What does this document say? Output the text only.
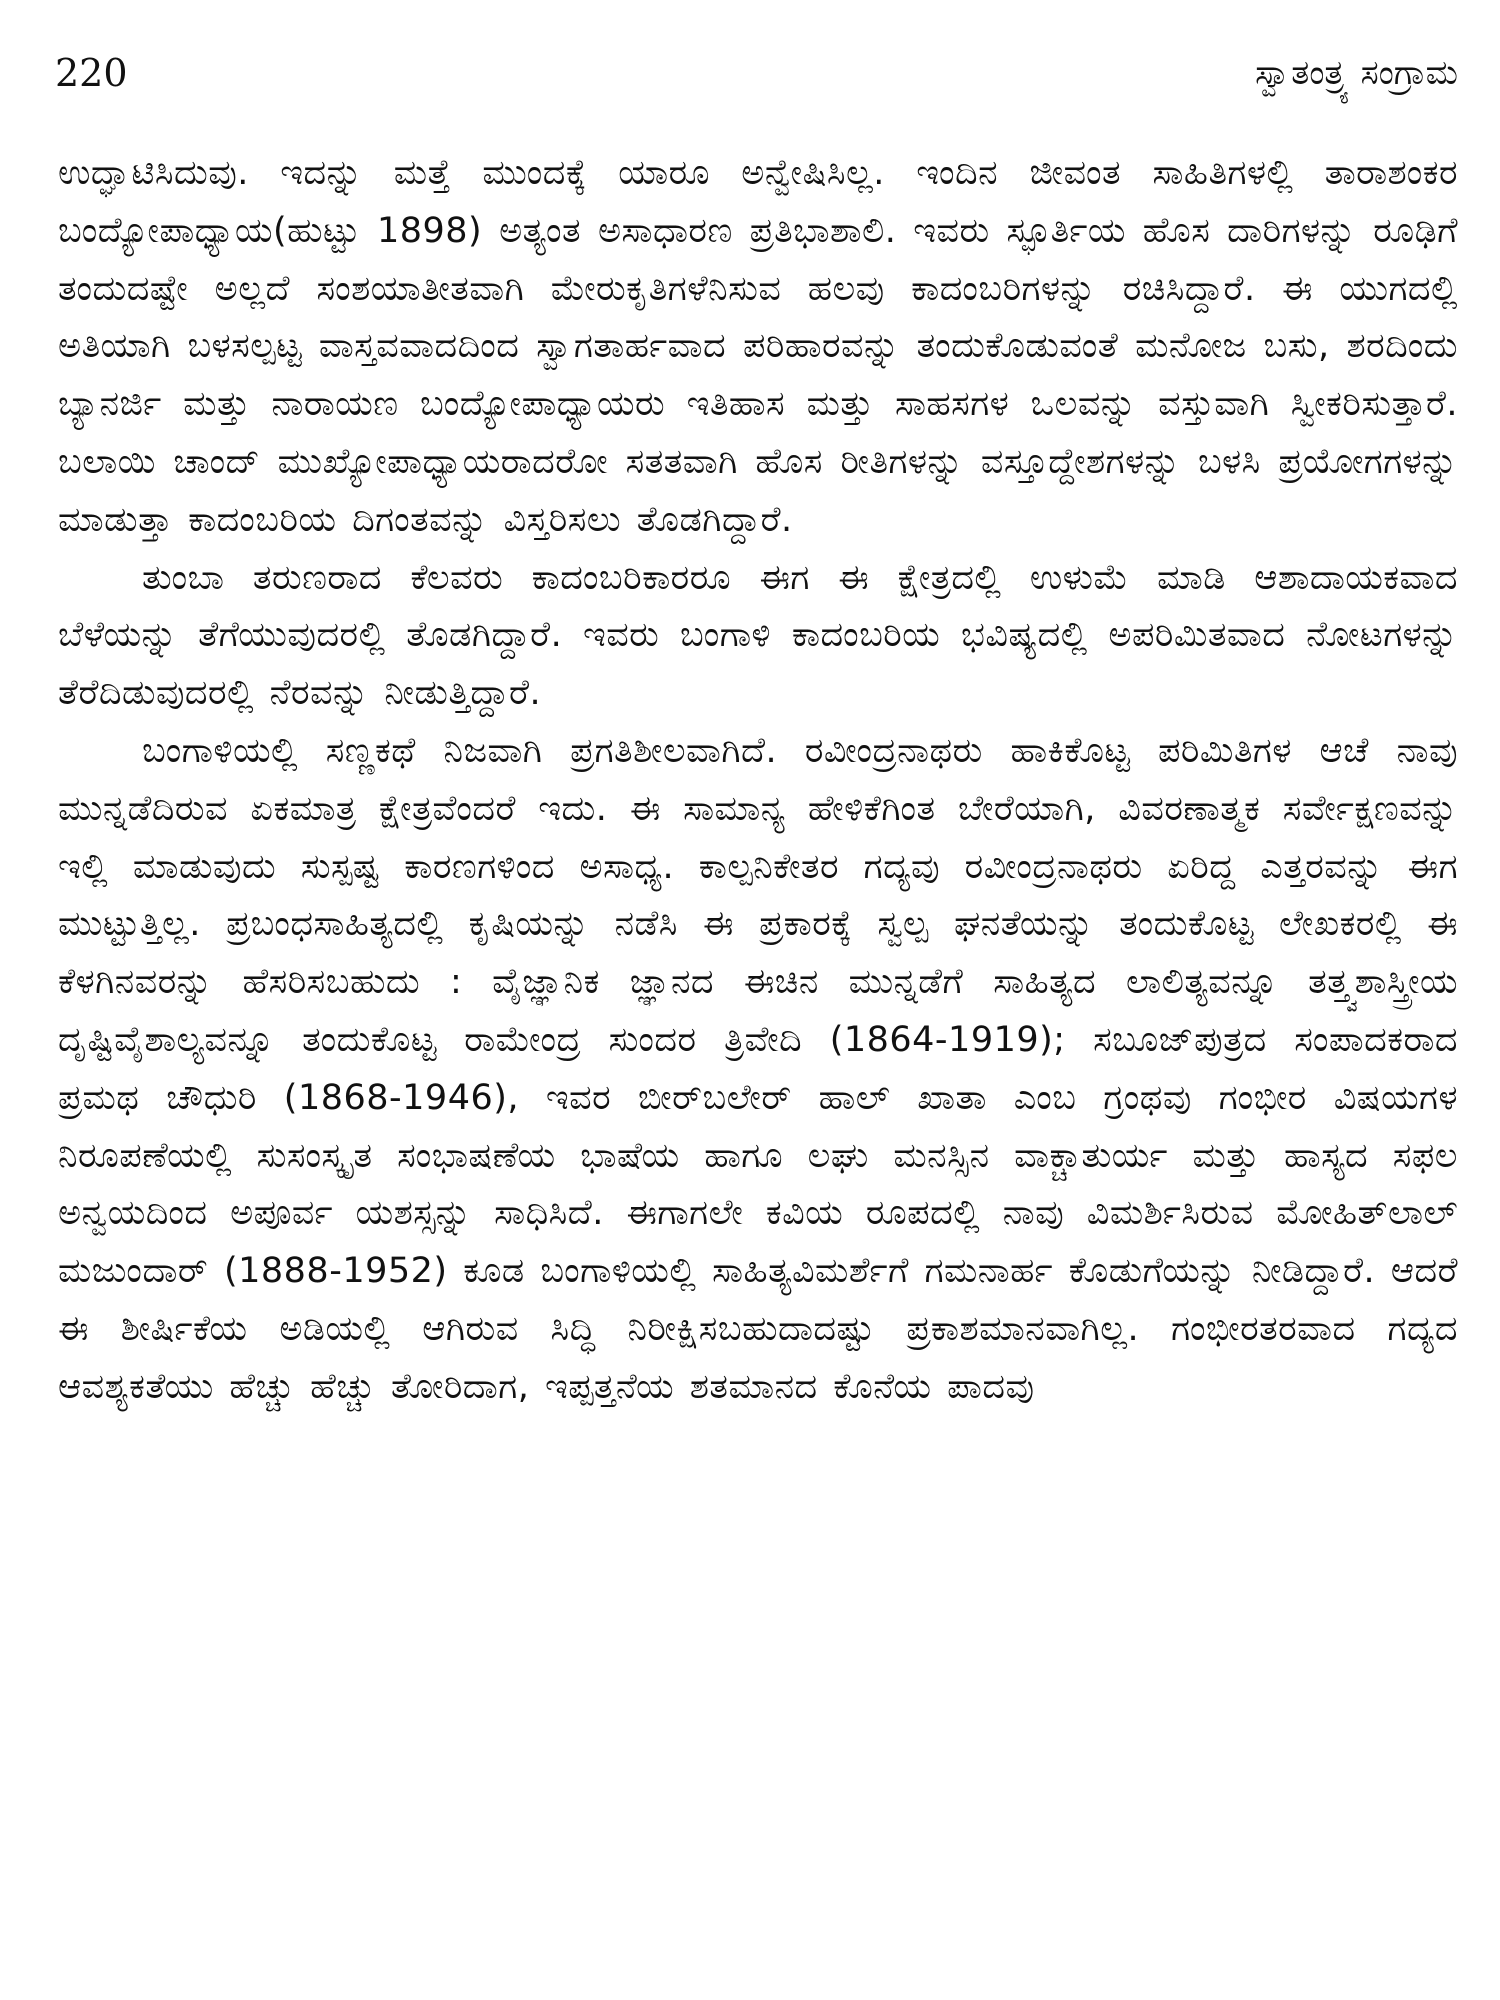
220	ಸ್ವಾತಂತ್ರ್ಯ ಸಂಗ್ರಾಮ

ಉದ್ಘಾಟಿಸಿದುವು. ಇದನ್ನು ಮತ್ತೆ ಮುಂದಕ್ಕೆ ಯಾರೂ ಅನ್ವೇಷಿಸಿಲ್ಲ. ಇಂದಿನ ಜೀವಂತ ಸಾಹಿತಿಗಳಲ್ಲಿ ತಾರಾಶಂಕರ ಬಂದ್ಯೋಪಾಧ್ಯಾಯ(ಹುಟ್ಟು 1898) ಅತ್ಯಂತ ಅಸಾಧಾರಣ ಪ್ರತಿಭಾಶಾಲಿ. ಇವರು ಸ್ಫೂರ್ತಿಯ ಹೊಸ ದಾರಿಗಳನ್ನು ರೂಢಿಗೆ ತಂದುದಷ್ಟೇ ಅಲ್ಲದೆ ಸಂಶಯಾತೀತವಾಗಿ ಮೇರುಕೃತಿಗಳೆನಿಸುವ ಹಲವು ಕಾದಂಬರಿಗಳನ್ನು ರಚಿಸಿದ್ದಾರೆ. ಈ ಯುಗದಲ್ಲಿ ಅತಿಯಾಗಿ ಬಳಸಲ್ಪಟ್ಟ ವಾಸ್ತವವಾದದಿಂದ ಸ್ವಾಗತಾರ್ಹವಾದ ಪರಿಹಾರವನ್ನು ತಂದುಕೊಡುವಂತೆ ಮನೋಜ ಬಸು, ಶರದಿಂದು ಬ್ಯಾನರ್ಜಿ ಮತ್ತು ನಾರಾಯಣ ಬಂದ್ಯೋಪಾಧ್ಯಾಯರು ಇತಿಹಾಸ ಮತ್ತು ಸಾಹಸಗಳ ಒಲವನ್ನು ವಸ್ತುವಾಗಿ ಸ್ವೀಕರಿಸುತ್ತಾರೆ. ಬಲಾಯಿ ಚಾಂದ್ ಮುಖ್ಯೋಪಾಧ್ಯಾಯರಾದರೋ ಸತತವಾಗಿ ಹೊಸ ರೀತಿಗಳನ್ನು ವಸ್ತೂದ್ದೇಶಗಳನ್ನು ಬಳಸಿ ಪ್ರಯೋಗಗಳನ್ನು ಮಾಡುತ್ತಾ ಕಾದಂಬರಿಯ ದಿಗಂತವನ್ನು ವಿಸ್ತರಿಸಲು ತೊಡಗಿದ್ದಾರೆ.

ತುಂಬಾ ತರುಣರಾದ ಕೆಲವರು ಕಾದಂಬರಿಕಾರರೂ ಈಗ ಈ ಕ್ಷೇತ್ರದಲ್ಲಿ ಉಳುಮೆ ಮಾಡಿ ಆಶಾದಾಯಕವಾದ ಬೆಳೆಯನ್ನು ತೆಗೆಯುವುದರಲ್ಲಿ ತೊಡಗಿದ್ದಾರೆ. ಇವರು ಬಂಗಾಳಿ ಕಾದಂಬರಿಯ ಭವಿಷ್ಯದಲ್ಲಿ ಅಪರಿಮಿತವಾದ ನೋಟಗಳನ್ನು ತೆರೆದಿಡುವುದರಲ್ಲಿ ನೆರವನ್ನು ನೀಡುತ್ತಿದ್ದಾರೆ.

ಬಂಗಾಳಿಯಲ್ಲಿ ಸಣ್ಣಕಥೆ ನಿಜವಾಗಿ ಪ್ರಗತಿಶೀಲವಾಗಿದೆ. ರವೀಂದ್ರನಾಥರು ಹಾಕಿಕೊಟ್ಟ ಪರಿಮಿತಿಗಳ ಆಚೆ ನಾವು ಮುನ್ನಡೆದಿರುವ ಏಕಮಾತ್ರ ಕ್ಷೇತ್ರವೆಂದರೆ ಇದು. ಈ ಸಾಮಾನ್ಯ ಹೇಳಿಕೆಗಿಂತ ಬೇರೆಯಾಗಿ, ವಿವರಣಾತ್ಮಕ ಸರ್ವೇಕ್ಷಣವನ್ನು ಇಲ್ಲಿ ಮಾಡುವುದು ಸುಸ್ಪಷ್ಟ ಕಾರಣಗಳಿಂದ ಅಸಾಧ್ಯ. ಕಾಲ್ಪನಿಕೇತರ ಗದ್ಯವು ರವೀಂದ್ರನಾಥರು ಏರಿದ್ದ ಎತ್ತರವನ್ನು ಈಗ ಮುಟ್ಟುತ್ತಿಲ್ಲ. ಪ್ರಬಂಧಸಾಹಿತ್ಯದಲ್ಲಿ ಕೃಷಿಯನ್ನು ನಡೆಸಿ ಈ ಪ್ರಕಾರಕ್ಕೆ ಸ್ವಲ್ಪ ಘನತೆಯನ್ನು ತಂದುಕೊಟ್ಟ ಲೇಖಕರಲ್ಲಿ ಈ ಕೆಳಗಿನವರನ್ನು ಹೆಸರಿಸಬಹುದು : ವೈಜ್ಞಾನಿಕ ಜ್ಞಾನದ ಈಚಿನ ಮುನ್ನಡೆಗೆ ಸಾಹಿತ್ಯದ ಲಾಲಿತ್ಯವನ್ನೂ ತತ್ತ್ವಶಾಸ್ತ್ರೀಯ ದೃಷ್ಟಿವೈಶಾಲ್ಯವನ್ನೂ ತಂದುಕೊಟ್ಟ ರಾಮೇಂದ್ರ ಸುಂದರ ತ್ರಿವೇದಿ (1864-1919); ಸಬೂಜ್‌ಪುತ್ರದ ಸಂಪಾದಕರಾದ ಪ್ರಮಥ ಚೌಧುರಿ (1868-1946), ಇವರ ಬೀರ್‌ಬಲೇರ್ ಹಾಲ್ ಖಾತಾ ಎಂಬ ಗ್ರಂಥವು ಗಂಭೀರ ವಿಷಯಗಳ ನಿರೂಪಣೆಯಲ್ಲಿ ಸುಸಂಸ್ಕೃತ ಸಂಭಾಷಣೆಯ ಭಾಷೆಯ ಹಾಗೂ ಲಘು ಮನಸ್ಸಿನ ವಾಕ್ಚಾತುರ್ಯ ಮತ್ತು ಹಾಸ್ಯದ ಸಫಲ ಅನ್ವಯದಿಂದ ಅಪೂರ್ವ ಯಶಸ್ಸನ್ನು ಸಾಧಿಸಿದೆ. ಈಗಾಗಲೇ ಕವಿಯ ರೂಪದಲ್ಲಿ ನಾವು ವಿಮರ್ಶಿಸಿರುವ ಮೋಹಿತ್‌ಲಾಲ್ ಮಜುಂದಾರ್ (1888-1952) ಕೂಡ ಬಂಗಾಳಿಯಲ್ಲಿ ಸಾಹಿತ್ಯವಿಮರ್ಶೆಗೆ ಗಮನಾರ್ಹ ಕೊಡುಗೆಯನ್ನು ನೀಡಿದ್ದಾರೆ. ಆದರೆ ಈ ಶೀರ್ಷಿಕೆಯ ಅಡಿಯಲ್ಲಿ ಆಗಿರುವ ಸಿದ್ಧಿ ನಿರೀಕ್ಷಿಸಬಹುದಾದಷ್ಟು ಪ್ರಕಾಶಮಾನವಾಗಿಲ್ಲ. ಗಂಭೀರತರವಾದ ಗದ್ಯದ ಆವಶ್ಯಕತೆಯು ಹೆಚ್ಚು ಹೆಚ್ಚು ತೋರಿದಾಗ, ಇಪ್ಪತ್ತನೆಯ ಶತಮಾನದ ಕೊನೆಯ ಪಾದವು
